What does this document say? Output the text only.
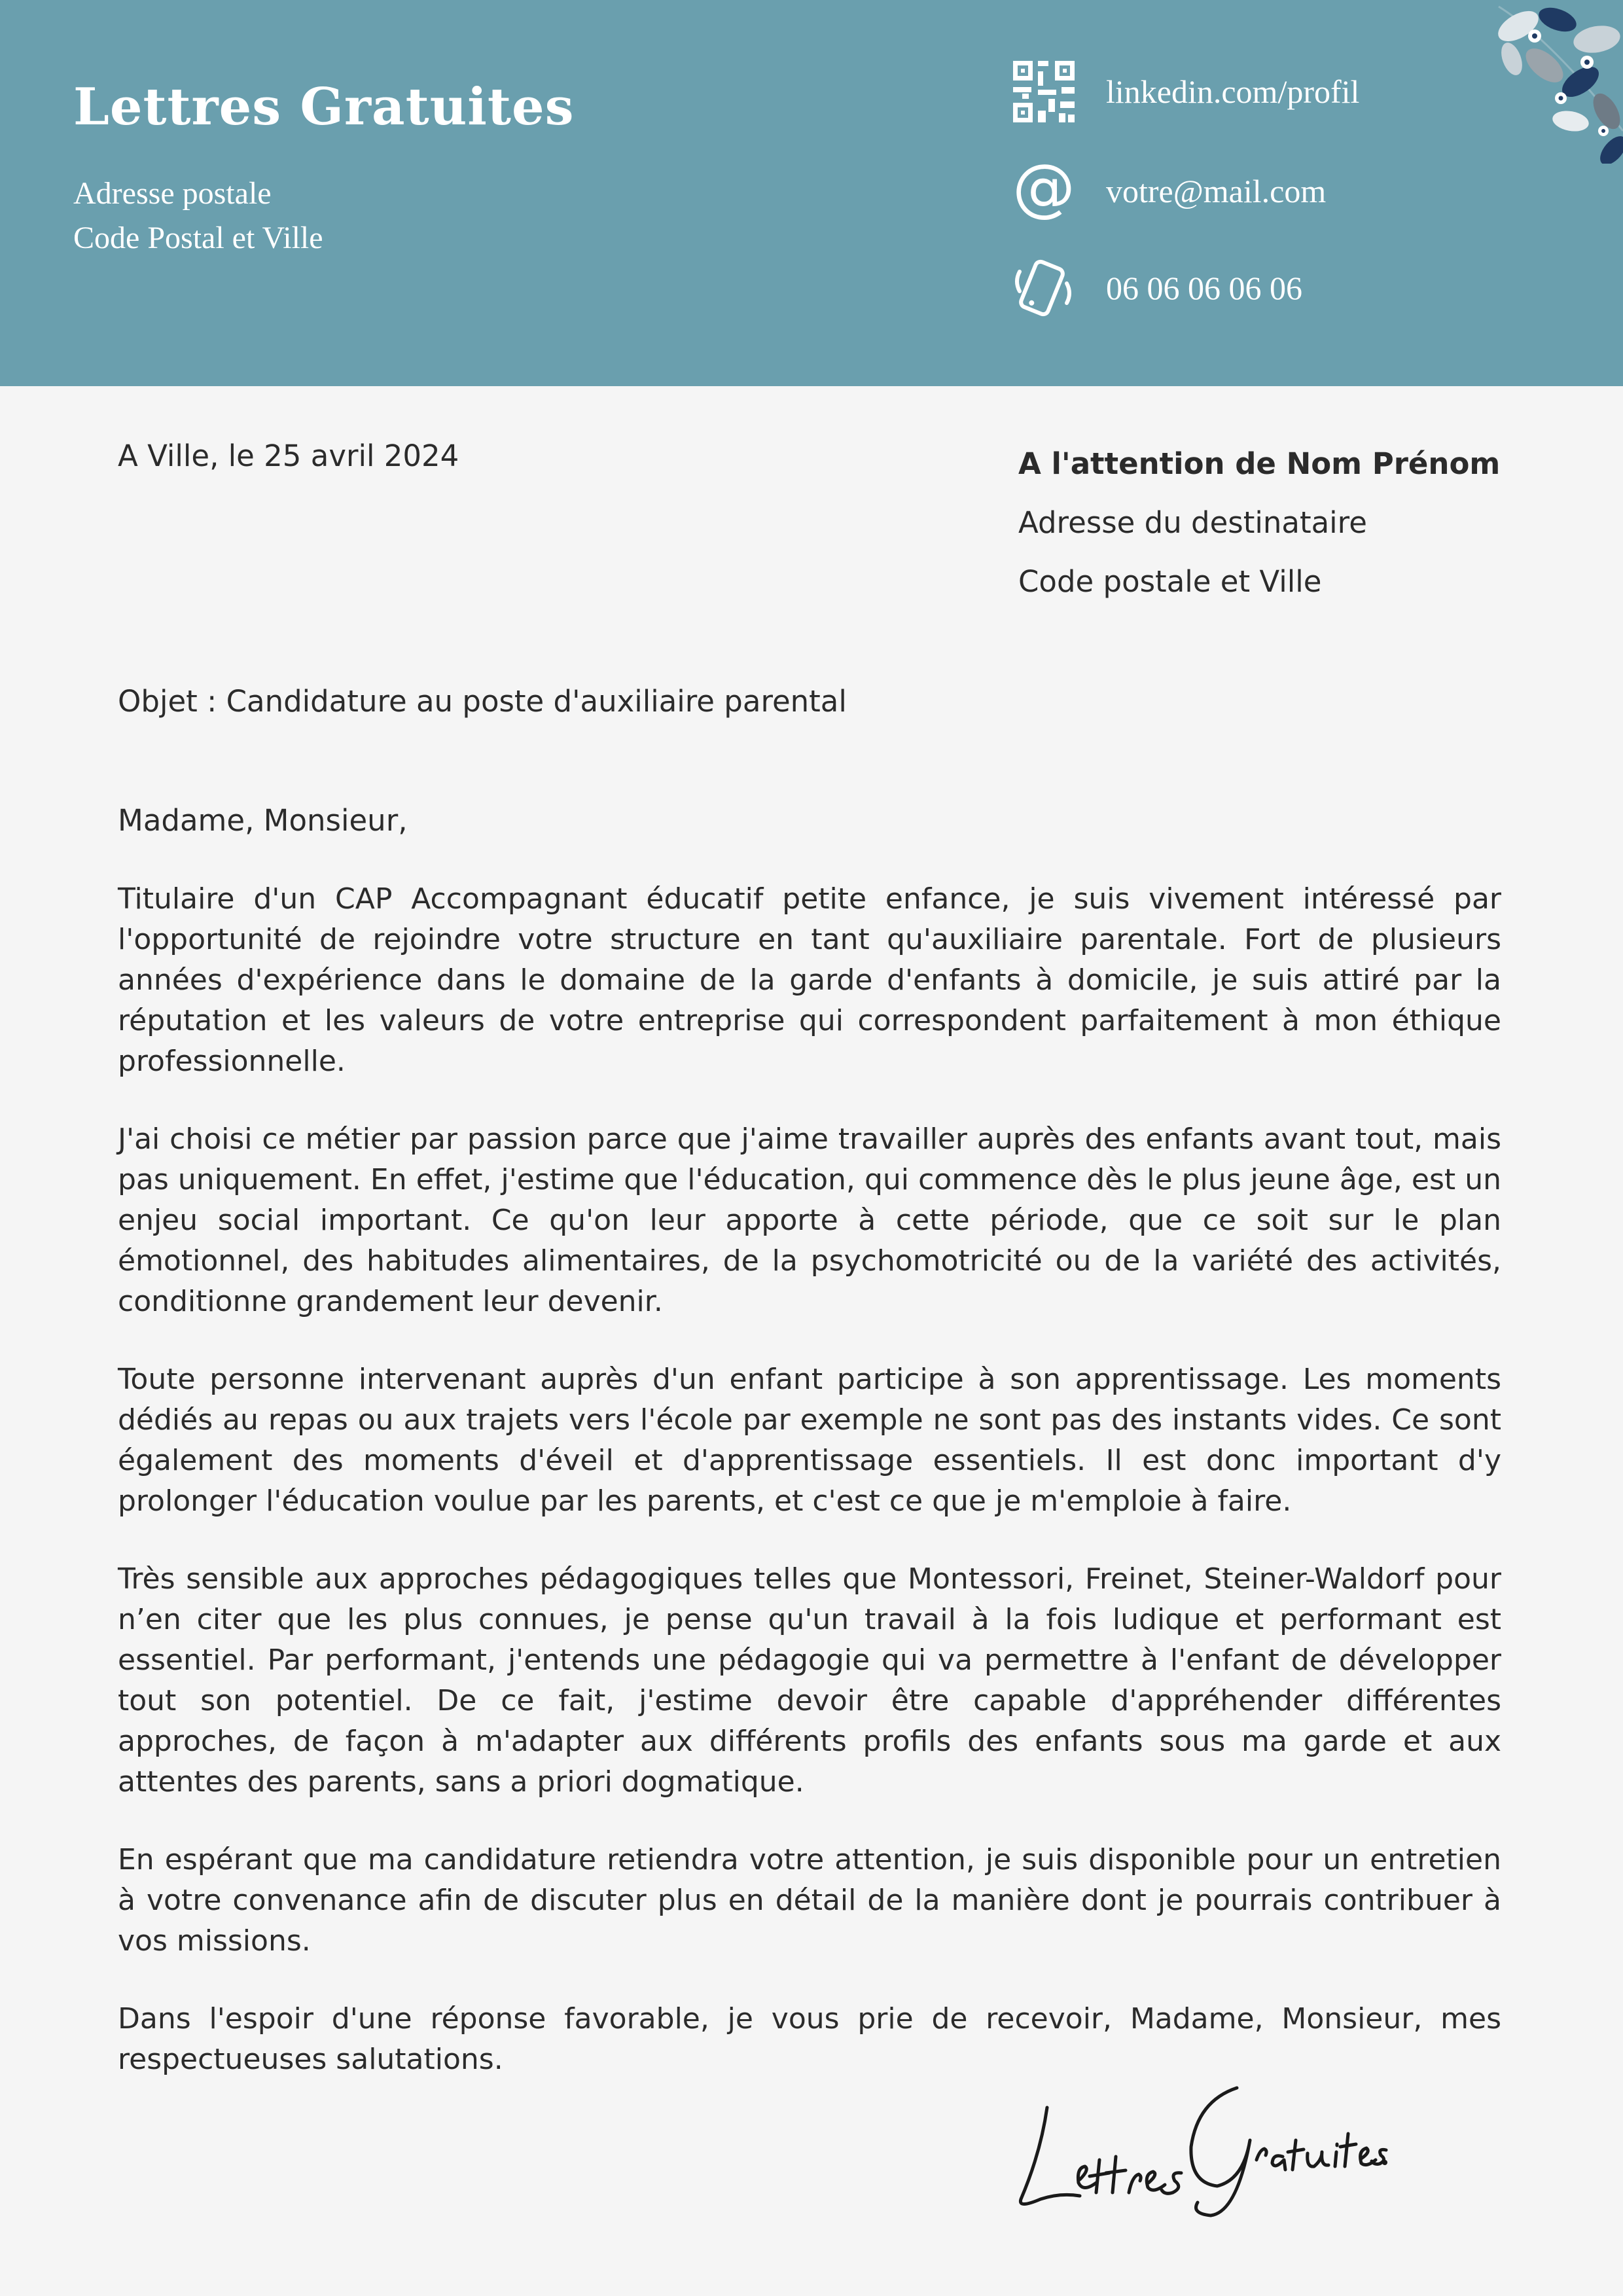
Lettres Gratuites
Adresse postale
Code Postal et Ville
linkedin.com/profil
@ votre@mail.com
06 06 06 06 06
A Ville, le 25 avril 2024	A l'attention de Nom Prénom
Adresse du destinataire
Code postale et Ville
Objet : Candidature au poste d'auxiliaire parental
Madame, Monsieur,

Titulaire d'un CAP Accompagnant éducatif petite enfance, je suis vivement intéressé par l'opportunité de rejoindre votre structure en tant qu'auxiliaire parentale. Fort de plusieurs années d'expérience dans le domaine de la garde d'enfants à domicile, je suis attiré par la réputation et les valeurs de votre entreprise qui correspondent parfaitement à mon éthique professionnelle.

J'ai choisi ce métier par passion parce que j'aime travailler auprès des enfants avant tout, mais pas uniquement. En effet, j'estime que l'éducation, qui commence dès le plus jeune âge, est un enjeu social important. Ce qu'on leur apporte à cette période, que ce soit sur le plan émotionnel, des habitudes alimentaires, de la psychomotricité ou de la variété des activités, conditionne grandement leur devenir.

Toute personne intervenant auprès d'un enfant participe à son apprentissage. Les moments dédiés au repas ou aux trajets vers l'école par exemple ne sont pas des instants vides. Ce sont également des moments d'éveil et d'apprentissage essentiels. Il est donc important d'y prolonger l'éducation voulue par les parents, et c'est ce que je m'emploie à faire.

Très sensible aux approches pédagogiques telles que Montessori, Freinet, Steiner-Waldorf pour n’en citer que les plus connues, je pense qu'un travail à la fois ludique et performant est essentiel. Par performant, j'entends une pédagogie qui va permettre à l'enfant de développer tout son potentiel. De ce fait, j'estime devoir être capable d'appréhender différentes approches, de façon à m'adapter aux différents profils des enfants sous ma garde et aux attentes des parents, sans a priori dogmatique.

En espérant que ma candidature retiendra votre attention, je suis disponible pour un entretien à votre convenance afin de discuter plus en détail de la manière dont je pourrais contribuer à vos missions.

Dans l'espoir d'une réponse favorable, je vous prie de recevoir, Madame, Monsieur, mes respectueuses salutations.
